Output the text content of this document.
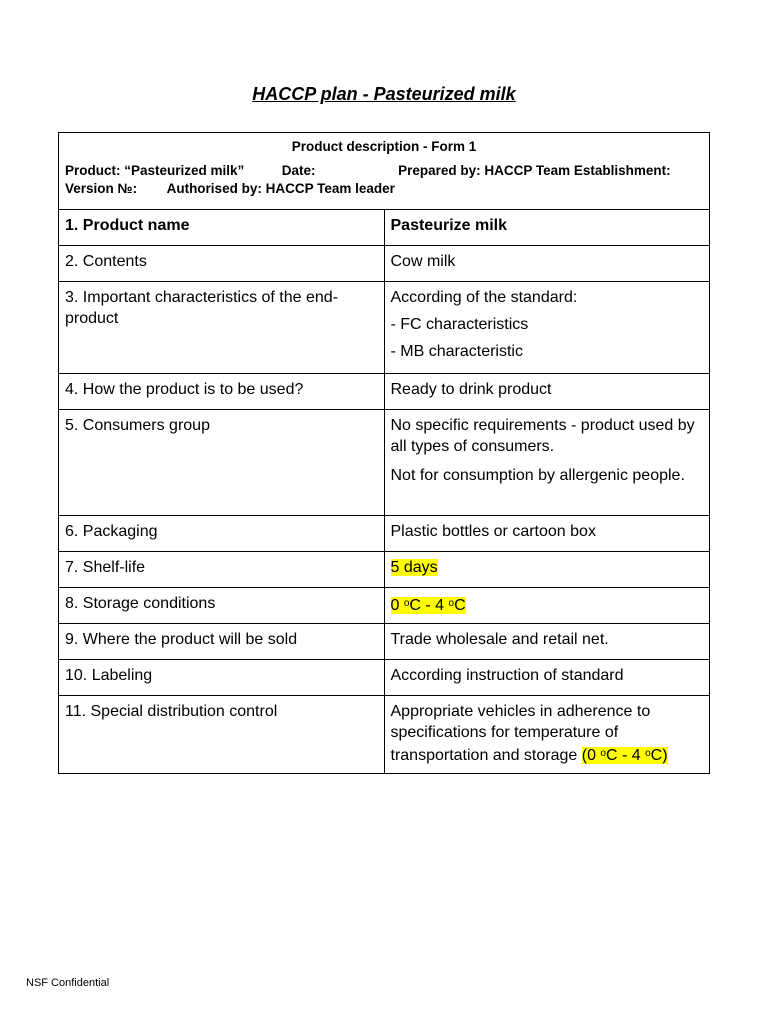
HACCP plan - Pasteurized milk
Product description - Form 1
Product: “Pasteurized milk”          Date:                      Prepared by: HACCP Team Establishment:
Version №:        Authorised by: HACCP Team leader	

1. Product name	Pasteurize milk

2. Contents	Cow milk

3. Important characteristics of the end-product	According of the standard:
- FC characteristics
- MB characteristic

4. How the product is to be used?	Ready to drink product

5. Consumers group	No specific requirements - product used by all types of consumers.
Not for consumption by allergenic people.

6. Packaging	Plastic bottles or cartoon box

7. Shelf-life	5 days

8. Storage conditions	0 $^o$C - 4 $^o$C

9. Where the product will be sold	Trade wholesale and retail net.

10. Labeling	According instruction of standard

11. Special distribution control	Appropriate vehicles in adherence to specifications for temperature of transportation and storage (0 $^o$C - 4 $^o$C)
NSF Confidential
